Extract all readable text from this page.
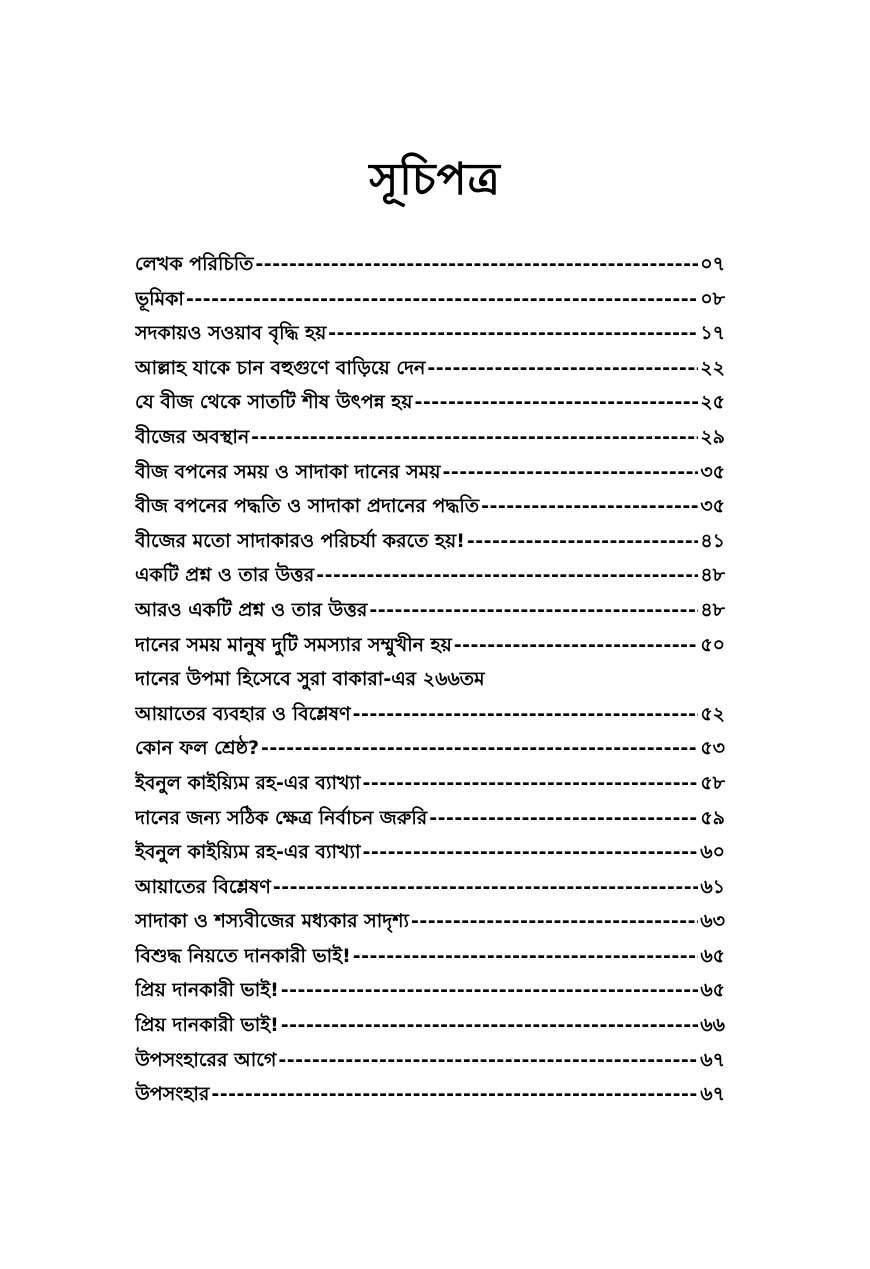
সূচিপত্র
লেখক পরিচিতি -----	০৭
ভূমিকা -----	০৮
সদকায়ও সওয়াব বৃদ্ধি হয় -----	১৭
আল্লাহ যাকে চান বহুগুণে বাড়িয়ে দেন -----	২২
যে বীজ থেকে সাতটি শীষ উৎপন্ন হয় -----	২৫
বীজের অবস্থান -----	২৯
বীজ বপনের সময় ও সাদাকা দানের সময় -----	৩৫
বীজ বপনের পদ্ধতি ও সাদাকা প্রদানের পদ্ধতি -----	৩৫
বীজের মতো সাদাকারও পরিচর্যা করতে হয়! -----	৪১
একটি প্রশ্ন ও তার উত্তর -----	৪৮
আরও একটি প্রশ্ন ও তার উত্তর -----	৪৮
দানের সময় মানুষ দুটি সমস্যার সম্মুখীন হয় -----	৫০
দানের উপমা হিসেবে সুরা বাকারা-এর ২৬৬তম
আয়াতের ব্যবহার ও বিশ্লেষণ -----	৫২
কোন ফল শ্রেষ্ঠ? -----	৫৩
ইবনুল কাইয়্যিম রহ-এর ব্যাখ্যা -----	৫৮
দানের জন্য সঠিক ক্ষেত্র নির্বাচন জরুরি -----	৫৯
ইবনুল কাইয়্যিম রহ-এর ব্যাখ্যা -----	৬০
আয়াতের বিশ্লেষণ -----	৬১
সাদাকা ও শস্যবীজের মধ্যকার সাদৃশ্য -----	৬৩
বিশুদ্ধ নিয়তে দানকারী ভাই! -----	৬৫
প্রিয় দানকারী ভাই! -----	৬৫
প্রিয় দানকারী ভাই! -----	৬৬
উপসংহারের আগে -----	৬৭
উপসংহার -----	৬৭
